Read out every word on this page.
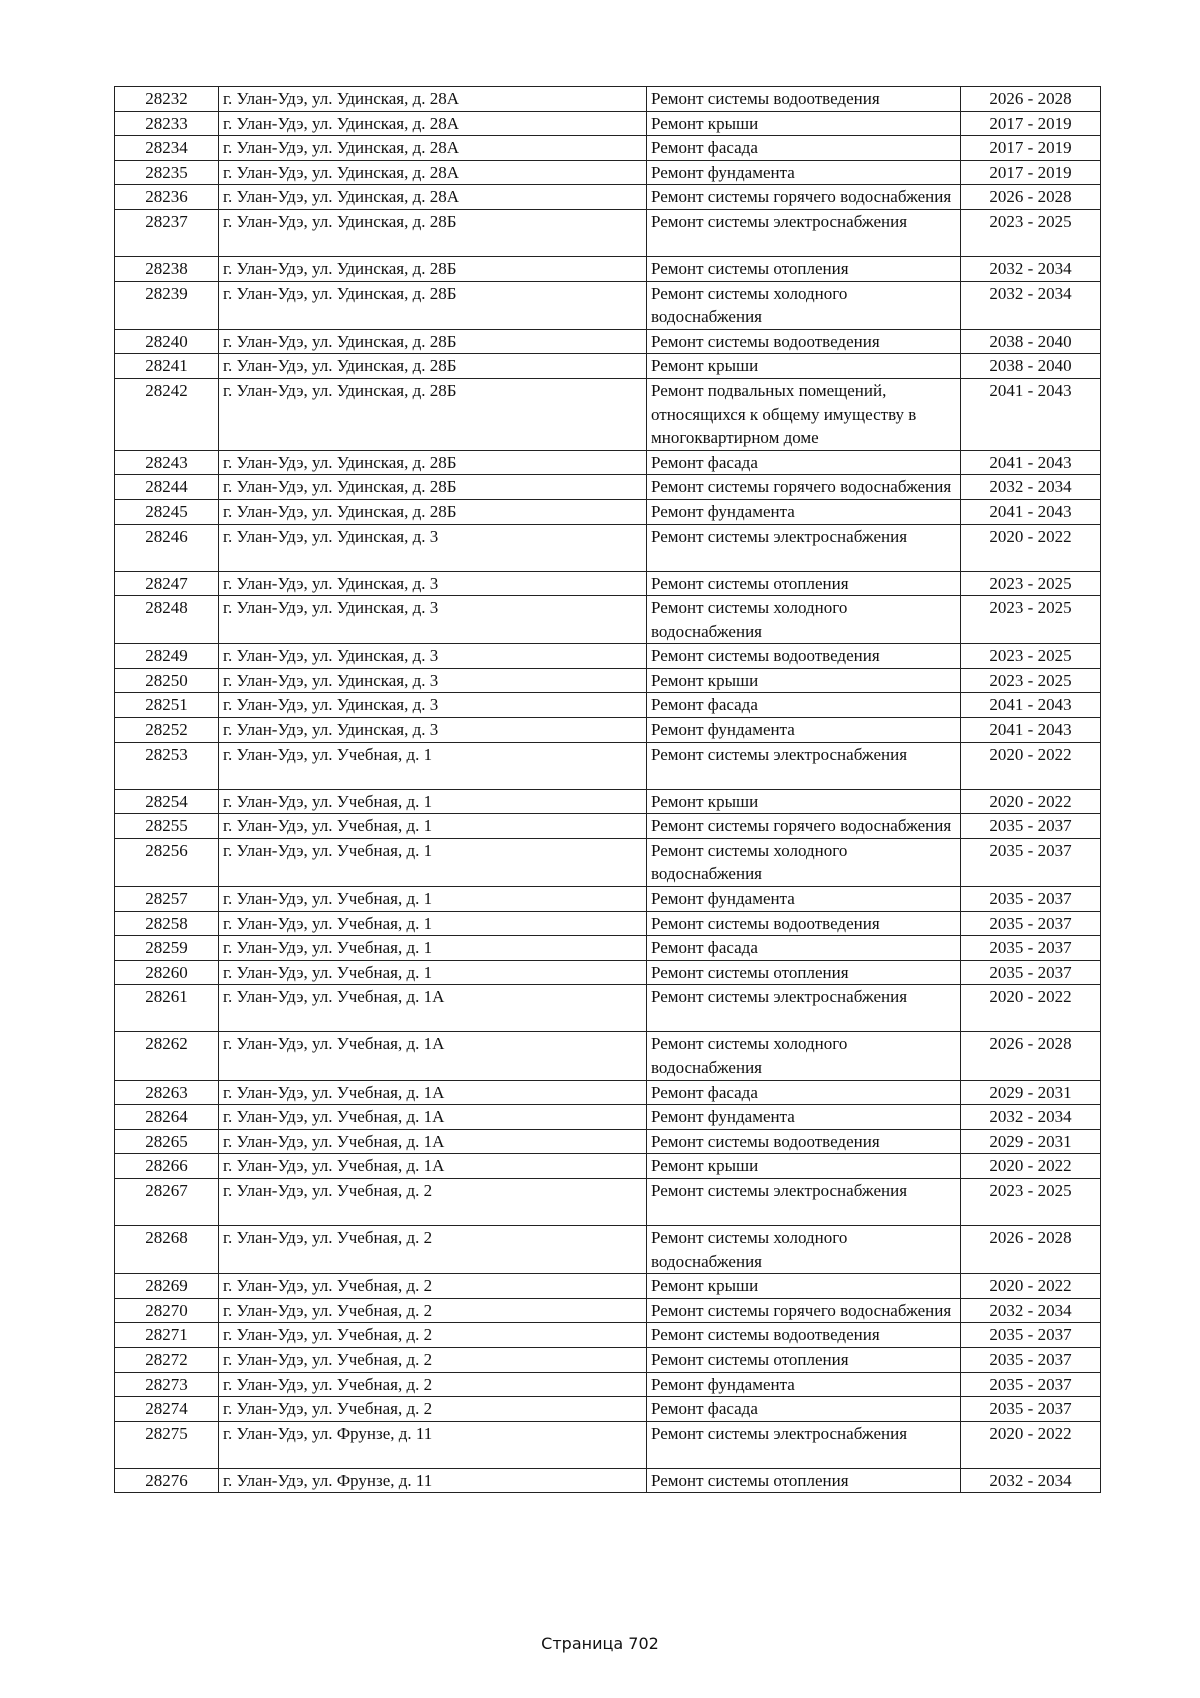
28232	г. Улан-Удэ, ул. Удинская, д. 28А	Ремонт системы водоотведения	2026 - 2028
28233	г. Улан-Удэ, ул. Удинская, д. 28А	Ремонт крыши	2017 - 2019
28234	г. Улан-Удэ, ул. Удинская, д. 28А	Ремонт фасада	2017 - 2019
28235	г. Улан-Удэ, ул. Удинская, д. 28А	Ремонт фундамента	2017 - 2019
28236	г. Улан-Удэ, ул. Удинская, д. 28А	Ремонт системы горячего водоснабжения	2026 - 2028
28237	г. Улан-Удэ, ул. Удинская, д. 28Б	Ремонт системы электроснабжения	2023 - 2025
28238	г. Улан-Удэ, ул. Удинская, д. 28Б	Ремонт системы отопления	2032 - 2034
28239	г. Улан-Удэ, ул. Удинская, д. 28Б	Ремонт системы холодного водоснабжения	2032 - 2034
28240	г. Улан-Удэ, ул. Удинская, д. 28Б	Ремонт системы водоотведения	2038 - 2040
28241	г. Улан-Удэ, ул. Удинская, д. 28Б	Ремонт крыши	2038 - 2040
28242	г. Улан-Удэ, ул. Удинская, д. 28Б	Ремонт подвальных помещений, относящихся к общему имуществу в многоквартирном доме	2041 - 2043
28243	г. Улан-Удэ, ул. Удинская, д. 28Б	Ремонт фасада	2041 - 2043
28244	г. Улан-Удэ, ул. Удинская, д. 28Б	Ремонт системы горячего водоснабжения	2032 - 2034
28245	г. Улан-Удэ, ул. Удинская, д. 28Б	Ремонт фундамента	2041 - 2043
28246	г. Улан-Удэ, ул. Удинская, д. 3	Ремонт системы электроснабжения	2020 - 2022
28247	г. Улан-Удэ, ул. Удинская, д. 3	Ремонт системы отопления	2023 - 2025
28248	г. Улан-Удэ, ул. Удинская, д. 3	Ремонт системы холодного водоснабжения	2023 - 2025
28249	г. Улан-Удэ, ул. Удинская, д. 3	Ремонт системы водоотведения	2023 - 2025
28250	г. Улан-Удэ, ул. Удинская, д. 3	Ремонт крыши	2023 - 2025
28251	г. Улан-Удэ, ул. Удинская, д. 3	Ремонт фасада	2041 - 2043
28252	г. Улан-Удэ, ул. Удинская, д. 3	Ремонт фундамента	2041 - 2043
28253	г. Улан-Удэ, ул. Учебная, д. 1	Ремонт системы электроснабжения	2020 - 2022
28254	г. Улан-Удэ, ул. Учебная, д. 1	Ремонт крыши	2020 - 2022
28255	г. Улан-Удэ, ул. Учебная, д. 1	Ремонт системы горячего водоснабжения	2035 - 2037
28256	г. Улан-Удэ, ул. Учебная, д. 1	Ремонт системы холодного водоснабжения	2035 - 2037
28257	г. Улан-Удэ, ул. Учебная, д. 1	Ремонт фундамента	2035 - 2037
28258	г. Улан-Удэ, ул. Учебная, д. 1	Ремонт системы водоотведения	2035 - 2037
28259	г. Улан-Удэ, ул. Учебная, д. 1	Ремонт фасада	2035 - 2037
28260	г. Улан-Удэ, ул. Учебная, д. 1	Ремонт системы отопления	2035 - 2037
28261	г. Улан-Удэ, ул. Учебная, д. 1А	Ремонт системы электроснабжения	2020 - 2022
28262	г. Улан-Удэ, ул. Учебная, д. 1А	Ремонт системы холодного водоснабжения	2026 - 2028
28263	г. Улан-Удэ, ул. Учебная, д. 1А	Ремонт фасада	2029 - 2031
28264	г. Улан-Удэ, ул. Учебная, д. 1А	Ремонт фундамента	2032 - 2034
28265	г. Улан-Удэ, ул. Учебная, д. 1А	Ремонт системы водоотведения	2029 - 2031
28266	г. Улан-Удэ, ул. Учебная, д. 1А	Ремонт крыши	2020 - 2022
28267	г. Улан-Удэ, ул. Учебная, д. 2	Ремонт системы электроснабжения	2023 - 2025
28268	г. Улан-Удэ, ул. Учебная, д. 2	Ремонт системы холодного водоснабжения	2026 - 2028
28269	г. Улан-Удэ, ул. Учебная, д. 2	Ремонт крыши	2020 - 2022
28270	г. Улан-Удэ, ул. Учебная, д. 2	Ремонт системы горячего водоснабжения	2032 - 2034
28271	г. Улан-Удэ, ул. Учебная, д. 2	Ремонт системы водоотведения	2035 - 2037
28272	г. Улан-Удэ, ул. Учебная, д. 2	Ремонт системы отопления	2035 - 2037
28273	г. Улан-Удэ, ул. Учебная, д. 2	Ремонт фундамента	2035 - 2037
28274	г. Улан-Удэ, ул. Учебная, д. 2	Ремонт фасада	2035 - 2037
28275	г. Улан-Удэ, ул. Фрунзе, д. 11	Ремонт системы электроснабжения	2020 - 2022
28276	г. Улан-Удэ, ул. Фрунзе, д. 11	Ремонт системы отопления	2032 - 2034
Страница 702
